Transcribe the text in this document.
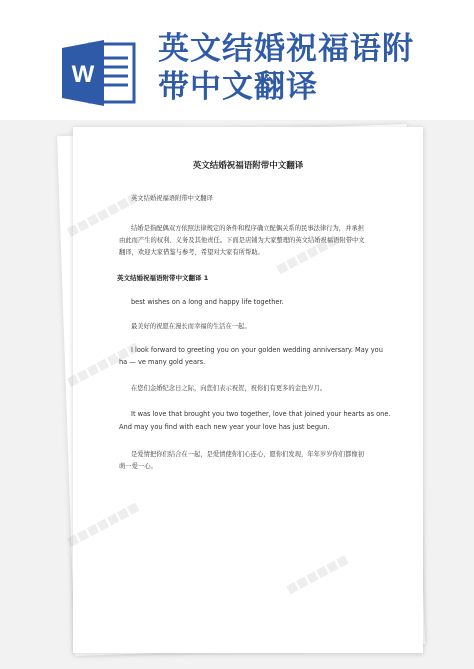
W
英文结婚祝福语附
带中文翻译
英文结婚祝福语附带中文翻译
英文结婚祝福语附带中文翻译
结婚是指配偶双方依照法律规定的条件和程序确立配偶关系的民事法律行为，并承担
由此而产生的权利、义务及其他责任。下面是店铺为大家整理的英文结婚祝福语附带中文
翻译，欢迎大家借鉴与参考，希望对大家有所帮助。
英文结婚祝福语附带中文翻译 1
best wishes on a long and happy life together.
最美好的祝愿在漫长而幸福的生活在一起。
I look forward to greeting you on your golden wedding anniversary. May you
ha — ve many gold years.
在您们金婚纪念日之际，向您们表示祝贺，祝你们有更多的金色岁月。
It was love that brought you two together, love that joined your hearts as one.
And may you find with each new year your love has just begun.
是爱情把你们结合在一起，是爱情使你们心连心，愿你们发现，年年岁岁你们都像初
萌一爱一心。
■■■■■■■
■■■■■■■
■■■■■■■
■■■■■■
■■■■■■
